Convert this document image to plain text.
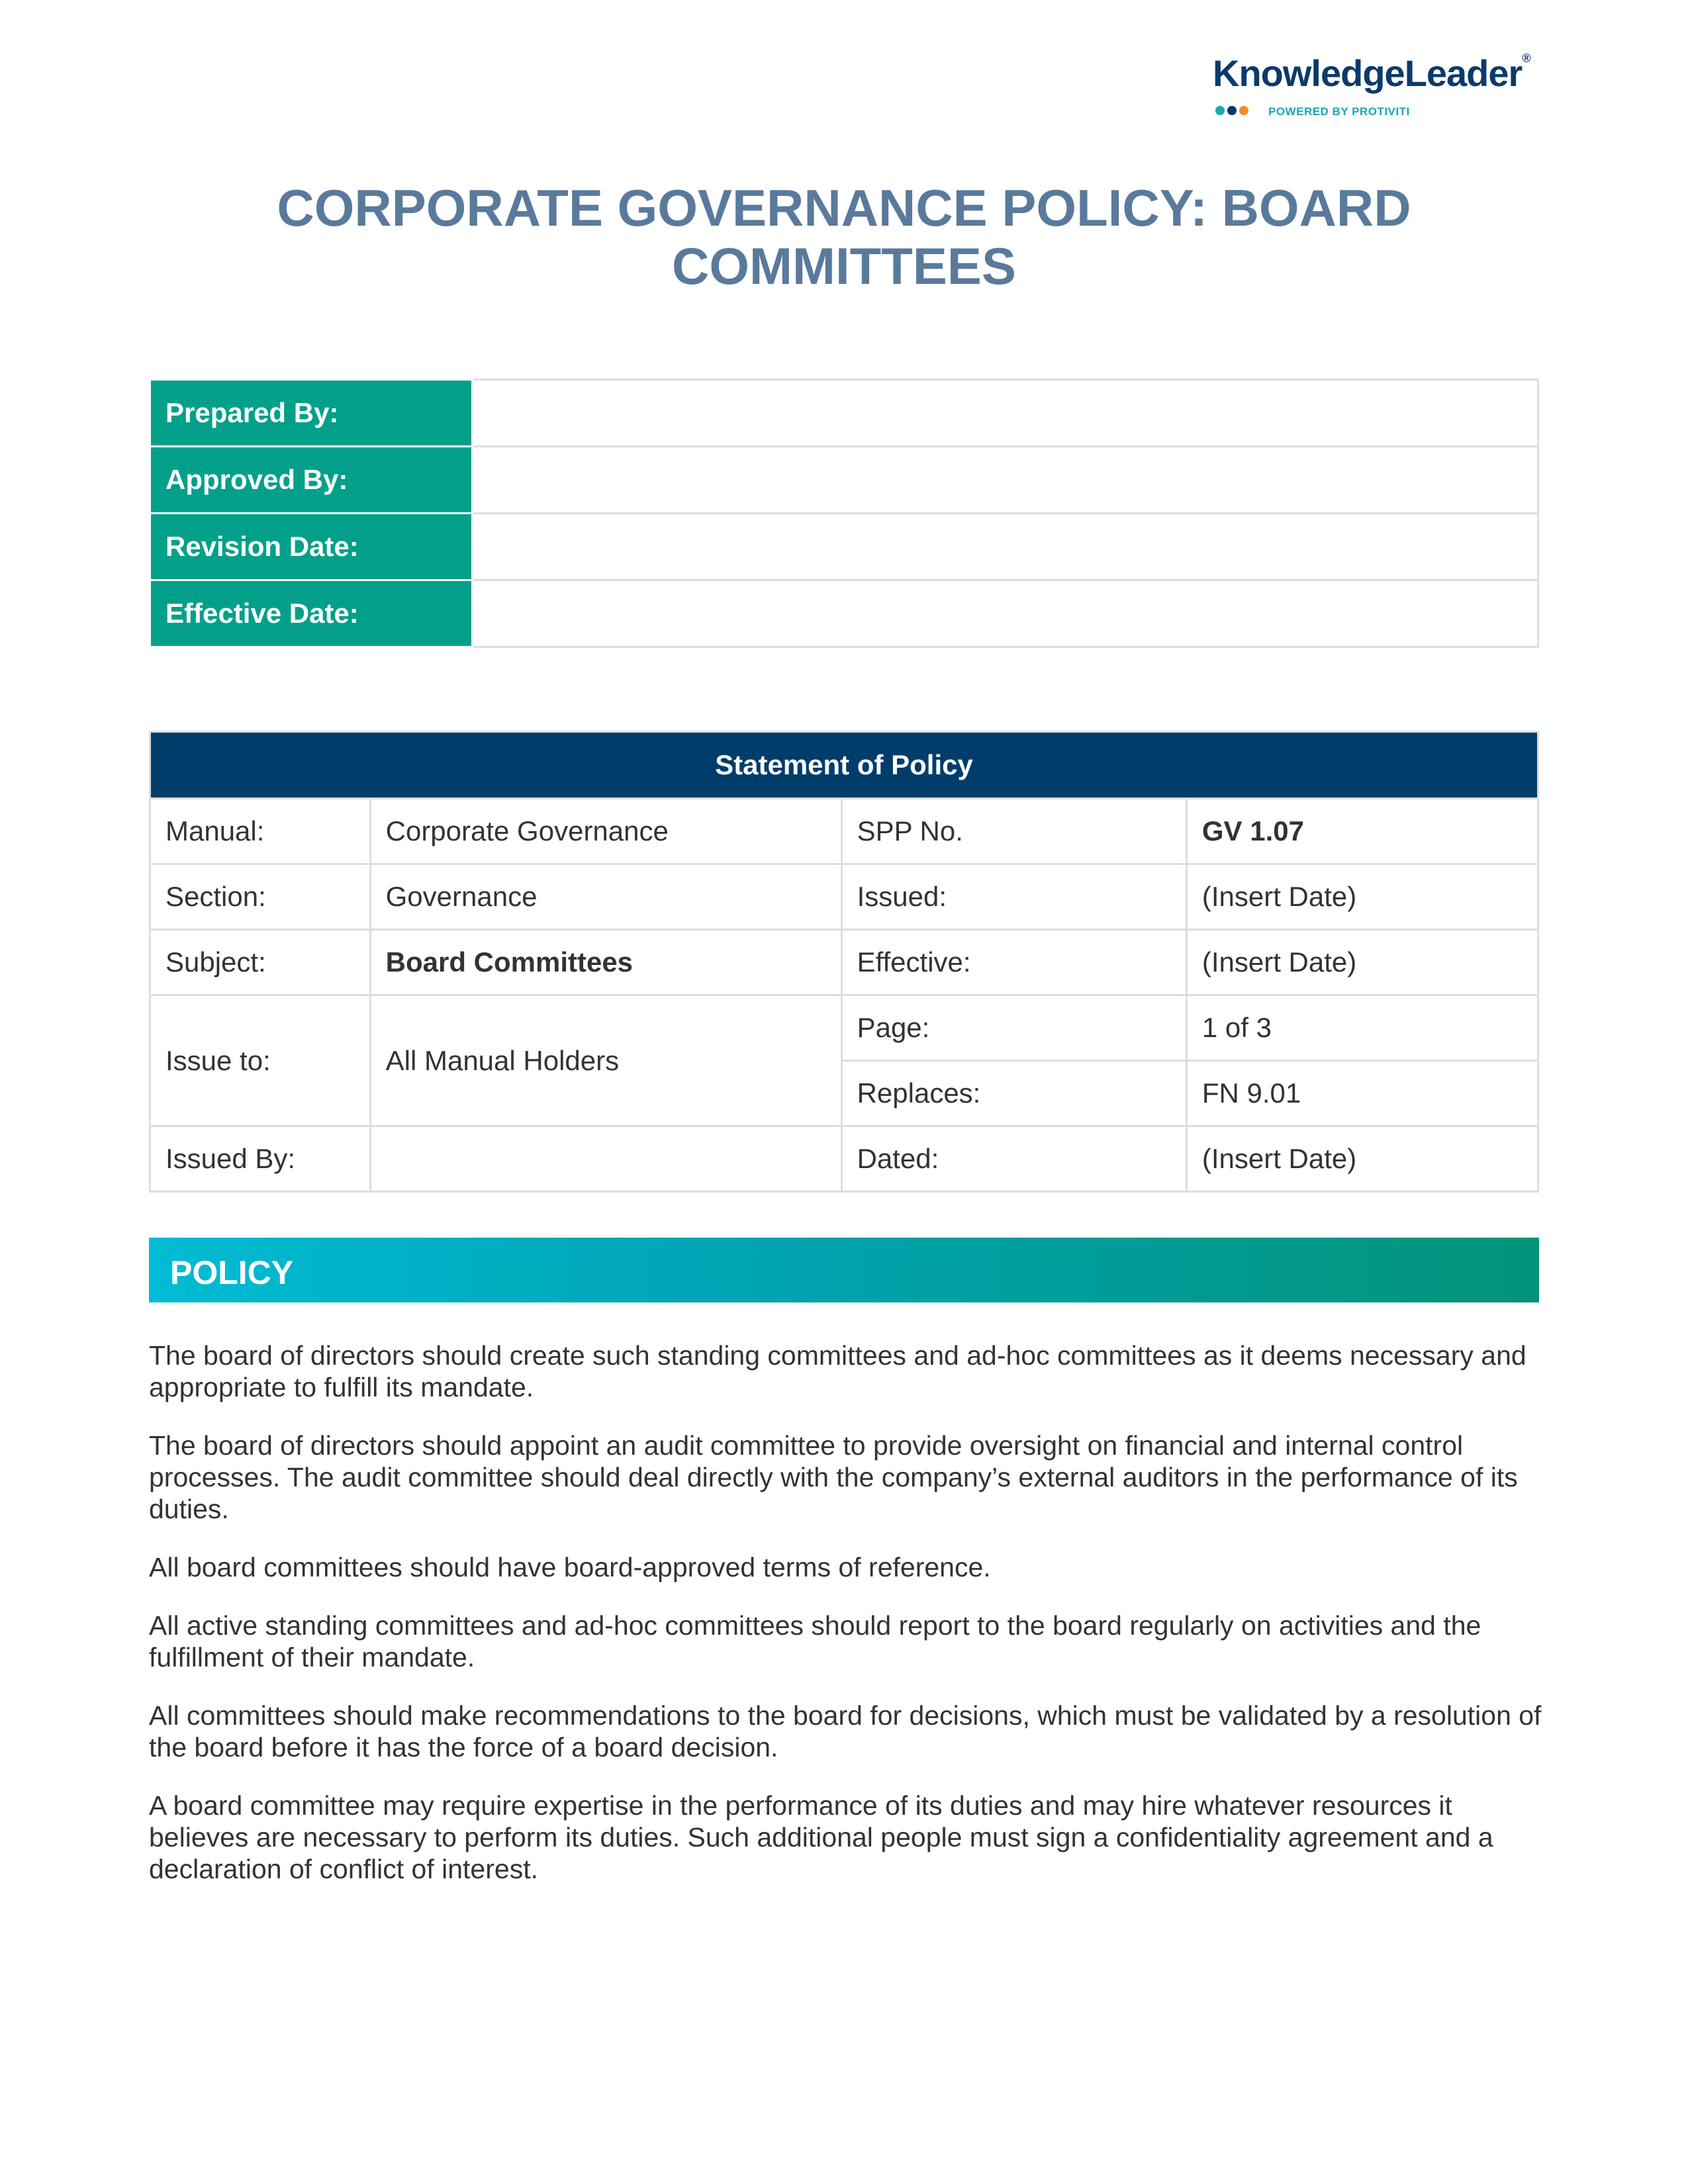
KnowledgeLeader®
POWERED BY PROTIVITI
CORPORATE GOVERNANCE POLICY: BOARD
COMMITTEES
Prepared By:	
Approved By:	
Revision Date:	
Effective Date:	
Statement of Policy			
Manual:	Corporate Governance	SPP No.	GV 1.07
Section:	Governance	Issued:	(Insert Date)
Subject:	Board Committees	Effective:	(Insert Date)
Issue to:	All Manual Holders	Page:	1 of 3
		Replaces:	FN 9.01
Issued By:		Dated:	(Insert Date)
POLICY

The board of directors should create such standing committees and ad-hoc committees as it deems necessary and appropriate to fulfill its mandate.

The board of directors should appoint an audit committee to provide oversight on financial and internal control processes. The audit committee should deal directly with the company’s external auditors in the performance of its duties.

All board committees should have board-approved terms of reference.

All active standing committees and ad-hoc committees should report to the board regularly on activities and the fulfillment of their mandate.

All committees should make recommendations to the board for decisions, which must be validated by a resolution of the board before it has the force of a board decision.

A board committee may require expertise in the performance of its duties and may hire whatever resources it believes are necessary to perform its duties. Such additional people must sign a confidentiality agreement and a declaration of conflict of interest.
